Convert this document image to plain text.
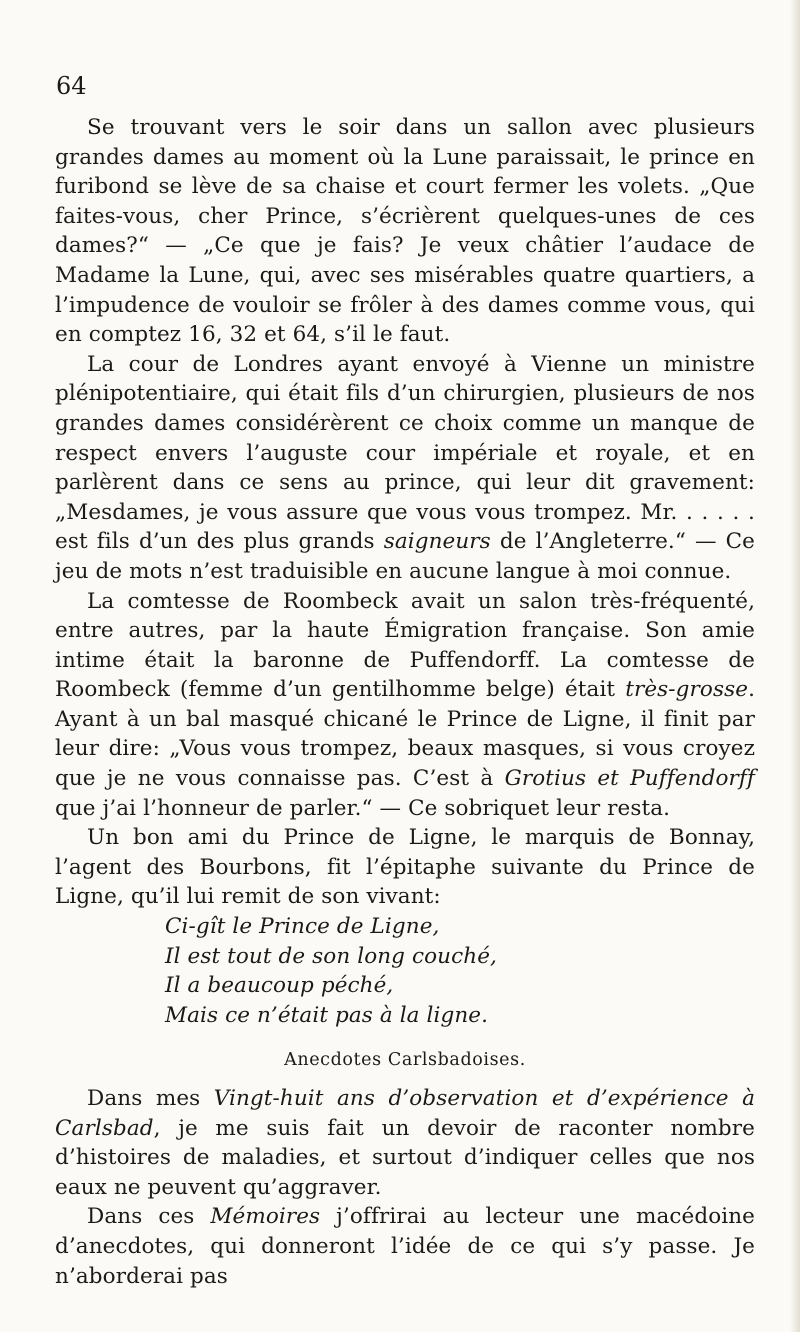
64

Se trouvant vers le soir dans un sallon avec plusieurs grandes dames au moment où la Lune paraissait, le prince en furibond se lève de sa chaise et court fermer les volets. „Que faites-vous, cher Prince, s’écrièrent quelques-unes de ces dames?“ — „Ce que je fais? Je veux châtier l’audace de Madame la Lune, qui, avec ses misérables quatre quartiers, a l’impudence de vouloir se frôler à des dames comme vous, qui en comptez 16, 32 et 64, s’il le faut.

La cour de Londres ayant envoyé à Vienne un ministre plénipotentiaire, qui était fils d’un chirurgien, plusieurs de nos grandes dames considérèrent ce choix comme un manque de respect envers l’auguste cour impériale et royale, et en parlèrent dans ce sens au prince, qui leur dit gravement: „Mesdames, je vous assure que vous vous trompez. Mr. . . . . . est fils d’un des plus grands saigneurs de l’Angleterre.“ — Ce jeu de mots n’est traduisible en aucune langue à moi connue.

La comtesse de Roombeck avait un salon très-fréquenté, entre autres, par la haute Émigration française. Son amie intime était la baronne de Puffendorff. La comtesse de Roombeck (femme d’un gentilhomme belge) était très-grosse. Ayant à un bal masqué chicané le Prince de Ligne, il finit par leur dire: „Vous vous trompez, beaux masques, si vous croyez que je ne vous connaisse pas. C’est à Grotius et Puffendorff que j’ai l’honneur de parler.“ — Ce sobriquet leur resta.

Un bon ami du Prince de Ligne, le marquis de Bonnay, l’agent des Bourbons, fit l’épitaphe suivante du Prince de Ligne, qu’il lui remit de son vivant:

Ci-gît le Prince de Ligne,
Il est tout de son long couché,
Il a beaucoup péché,
Mais ce n’était pas à la ligne.
Anecdotes Carlsbadoises.

Dans mes Vingt-huit ans d’observation et d’expérience à Carlsbad, je me suis fait un devoir de raconter nombre d’histoires de maladies, et surtout d’indiquer celles que nos eaux ne peuvent qu’aggraver.

Dans ces Mémoires j’offrirai au lecteur une macédoine d’anecdotes, qui donneront l’idée de ce qui s’y passe. Je n’aborderai pas
